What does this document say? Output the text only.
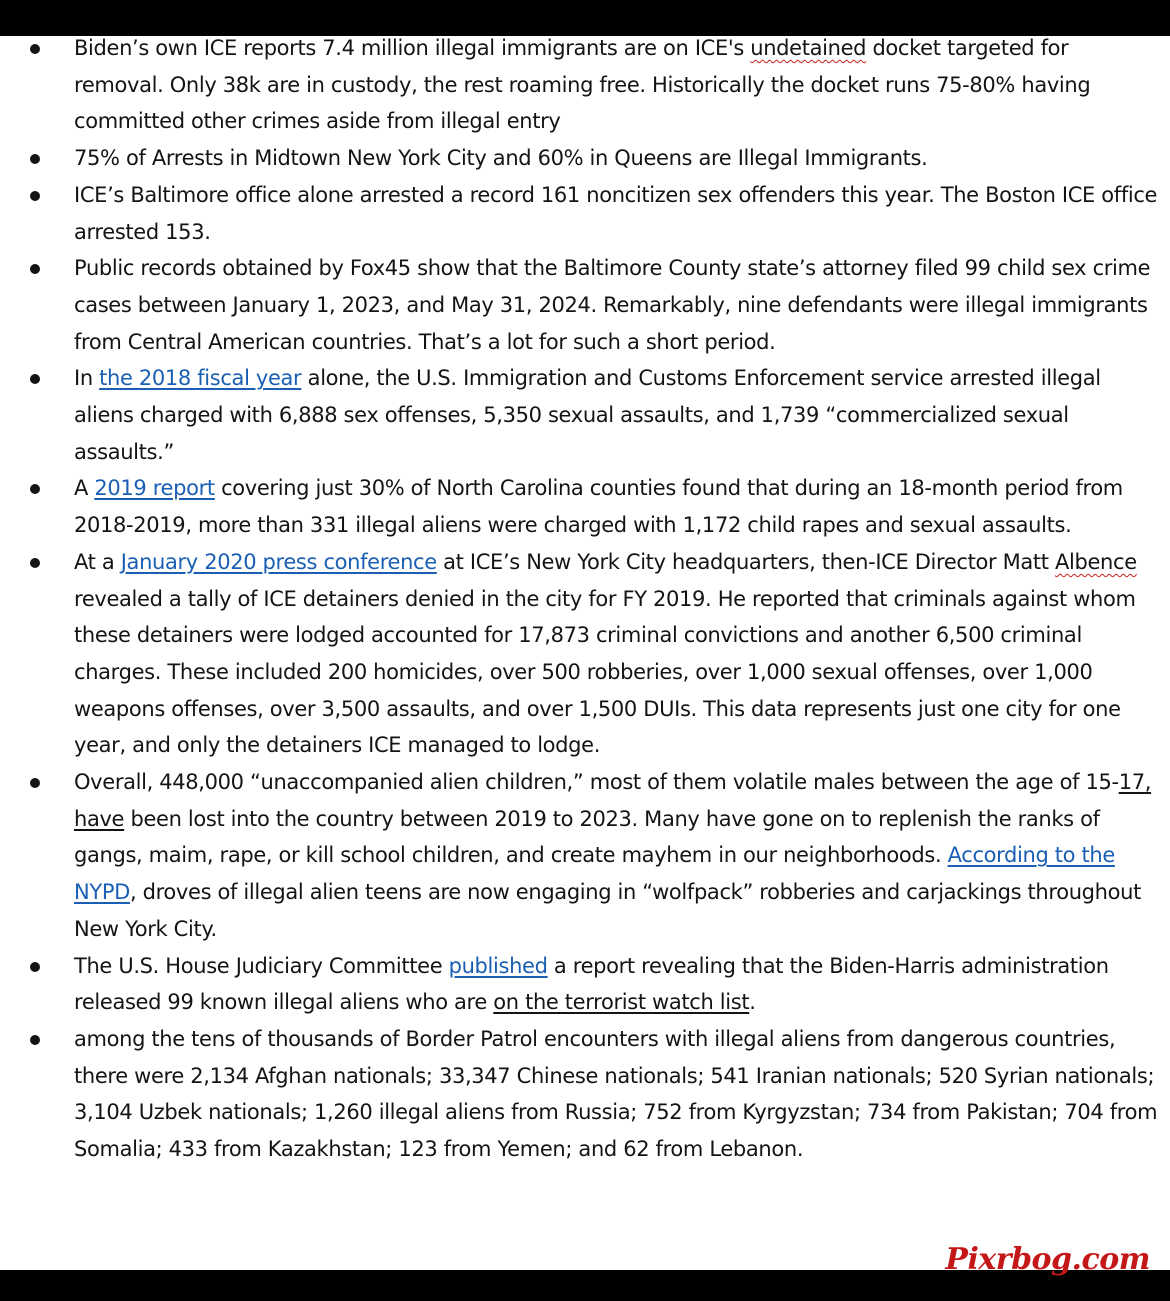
Biden’s own ICE reports 7.4 million illegal immigrants are on ICE's undetained docket targeted for removal. Only 38k are in custody, the rest roaming free. Historically the docket runs 75-80% having committed other crimes aside from illegal entry
75% of Arrests in Midtown New York City and 60% in Queens are Illegal Immigrants.
ICE’s Baltimore office alone arrested a record 161 noncitizen sex offenders this year. The Boston ICE office arrested 153.
Public records obtained by Fox45 show that the Baltimore County state’s attorney filed 99 child sex crime cases between January 1, 2023, and May 31, 2024. Remarkably, nine defendants were illegal immigrants from Central American countries. That’s a lot for such a short period.
In the 2018 fiscal year alone, the U.S. Immigration and Customs Enforcement service arrested illegal aliens charged with 6,888 sex offenses, 5,350 sexual assaults, and 1,739 “commercialized sexual assaults.”
A 2019 report covering just 30% of North Carolina counties found that during an 18-month period from 2018-2019, more than 331 illegal aliens were charged with 1,172 child rapes and sexual assaults.
At a January 2020 press conference at ICE’s New York City headquarters, then-ICE Director Matt Albence revealed a tally of ICE detainers denied in the city for FY 2019. He reported that criminals against whom these detainers were lodged accounted for 17,873 criminal convictions and another 6,500 criminal charges. These included 200 homicides, over 500 robberies, over 1,000 sexual offenses, over 1,000 weapons offenses, over 3,500 assaults, and over 1,500 DUIs. This data represents just one city for one year, and only the detainers ICE managed to lodge.
Overall, 448,000 “unaccompanied alien children,” most of them volatile males between the age of 15-17, have been lost into the country between 2019 to 2023. Many have gone on to replenish the ranks of gangs, maim, rape, or kill school children, and create mayhem in our neighborhoods. According to the NYPD, droves of illegal alien teens are now engaging in “wolfpack” robberies and carjackings throughout New York City.
The U.S. House Judiciary Committee published a report revealing that the Biden-Harris administration released 99 known illegal aliens who are on the terrorist watch list.
among the tens of thousands of Border Patrol encounters with illegal aliens from dangerous countries, there were 2,134 Afghan nationals; 33,347 Chinese nationals; 541 Iranian nationals; 520 Syrian nationals; 3,104 Uzbek nationals; 1,260 illegal aliens from Russia; 752 from Kyrgyzstan; 734 from Pakistan; 704 from Somalia; 433 from Kazakhstan; 123 from Yemen; and 62 from Lebanon.
Pixrbog.com
